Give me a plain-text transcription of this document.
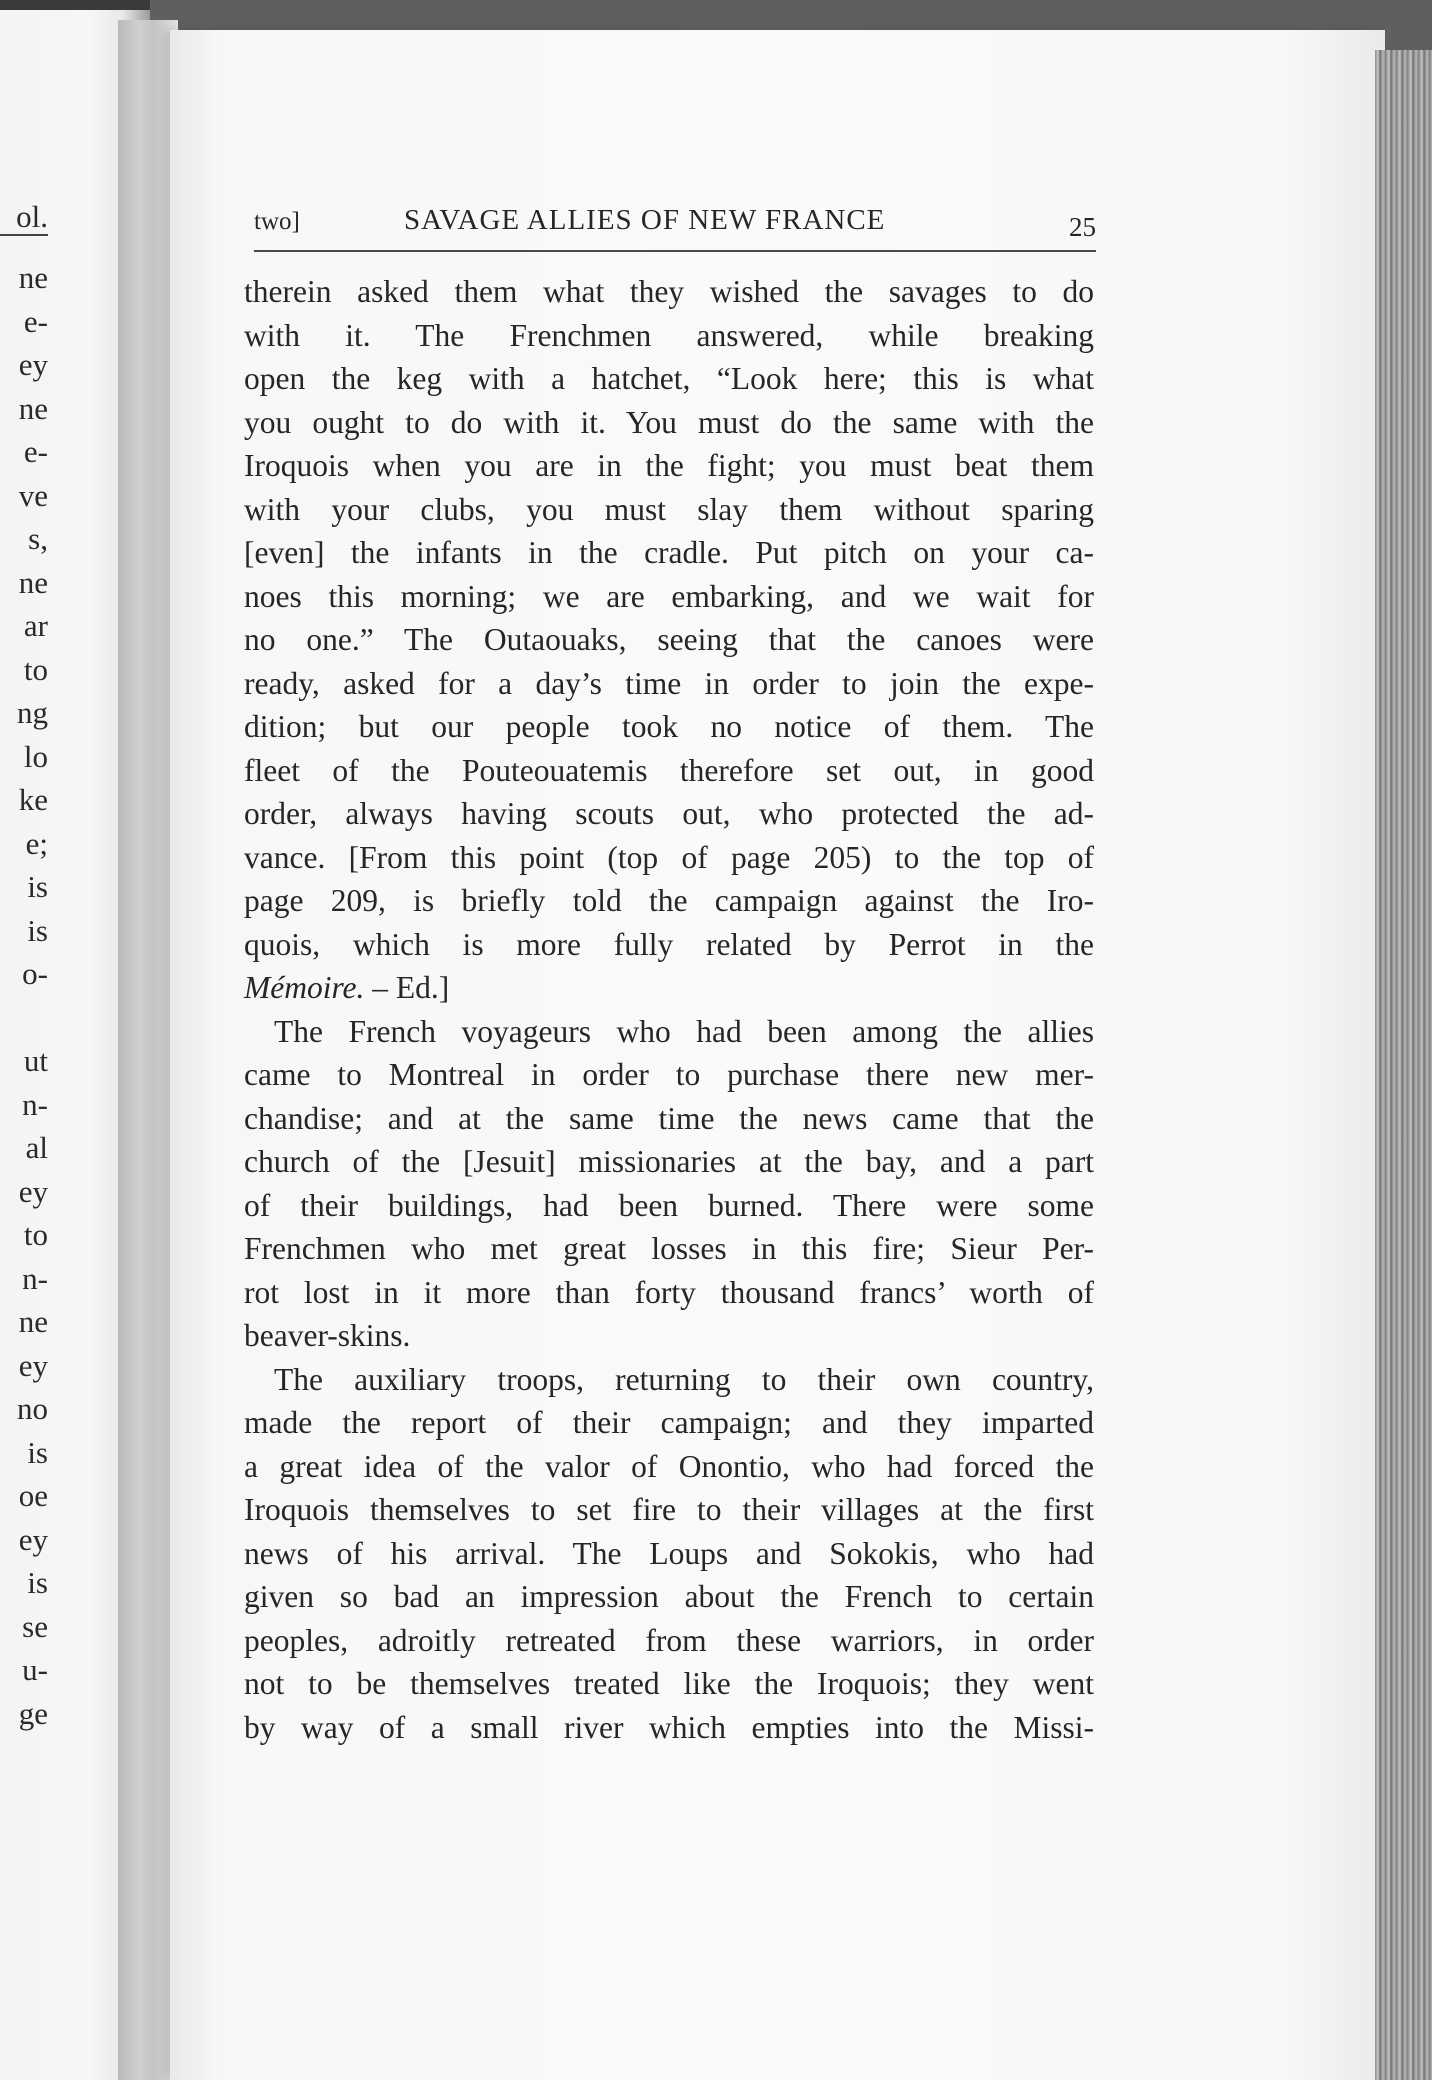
ol.
ne
e-
ey
ne
e-
ve
s,
ne
ar
to
ng
lo
ke
e;
is
is
o-
ut
n-
al
ey
to
n-
ne
ey
no
is
oe
ey
is
se
u-
ge
two]	SAVAGE ALLIES OF NEW FRANCE	25
therein asked them what they wished the savages to do
with it. The Frenchmen answered, while breaking
open the keg with a hatchet, “Look here; this is what
you ought to do with it. You must do the same with the
Iroquois when you are in the fight; you must beat them
with your clubs, you must slay them without sparing
[even] the infants in the cradle. Put pitch on your ca-
noes this morning; we are embarking, and we wait for
no one.” The Outaouaks, seeing that the canoes were
ready, asked for a day’s time in order to join the expe-
dition; but our people took no notice of them. The
fleet of the Pouteouatemis therefore set out, in good
order, always having scouts out, who protected the ad-
vance. [From this point (top of page 205) to the top of
page 209, is briefly told the campaign against the Iro-
quois, which is more fully related by Perrot in the
Mémoire. – Ed.]
The French voyageurs who had been among the allies
came to Montreal in order to purchase there new mer-
chandise; and at the same time the news came that the
church of the [Jesuit] missionaries at the bay, and a part
of their buildings, had been burned. There were some
Frenchmen who met great losses in this fire; Sieur Per-
rot lost in it more than forty thousand francs’ worth of
beaver-skins.
The auxiliary troops, returning to their own country,
made the report of their campaign; and they imparted
a great idea of the valor of Onontio, who had forced the
Iroquois themselves to set fire to their villages at the first
news of his arrival. The Loups and Sokokis, who had
given so bad an impression about the French to certain
peoples, adroitly retreated from these warriors, in order
not to be themselves treated like the Iroquois; they went
by way of a small river which empties into the Missi-
